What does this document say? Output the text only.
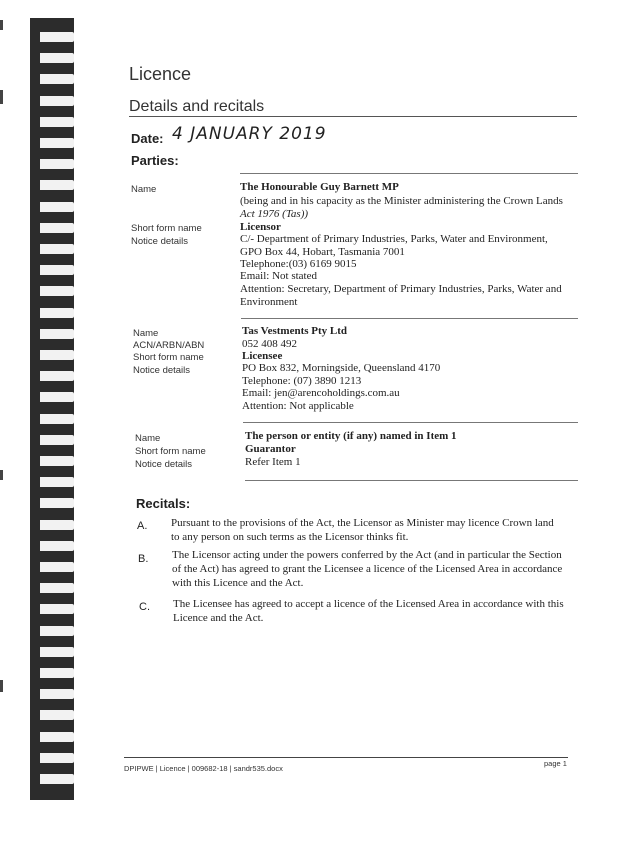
Licence
Details and recitals
Date: 4 JANUARY 2019
Parties:
Name	The Honourable Guy Barnett MP
(being and in his capacity as the Minister administering the Crown Lands
Act 1976 (Tas))
Short form name	Licensor
Notice details	C/- Department of Primary Industries, Parks, Water and Environment,
GPO Box 44, Hobart, Tasmania 7001
Telephone:(03) 6169 9015
Email: Not stated
Attention: Secretary, Department of Primary Industries, Parks, Water and
Environment
Name	Tas Vestments Pty Ltd
ACN/ARBN/ABN	052 408 492
Short form name	Licensee
Notice details	PO Box 832, Morningside, Queensland 4170
Telephone: (07) 3890 1213
Email: jen@arencoholdings.com.au
Attention: Not applicable
Name	The person or entity (if any) named in Item 1
Short form name	Guarantor
Notice details	Refer Item 1
Recitals:
A. Pursuant to the provisions of the Act, the Licensor as Minister may licence Crown land
to any person on such terms as the Licensor thinks fit.
B. The Licensor acting under the powers conferred by the Act (and in particular the Section
of the Act) has agreed to grant the Licensee a licence of the Licensed Area in accordance
with this Licence and the Act.
C. The Licensee has agreed to accept a licence of the Licensed Area in accordance with this
Licence and the Act.
DPIPWE | Licence | 009682-18 | sandr535.docx
page 1
